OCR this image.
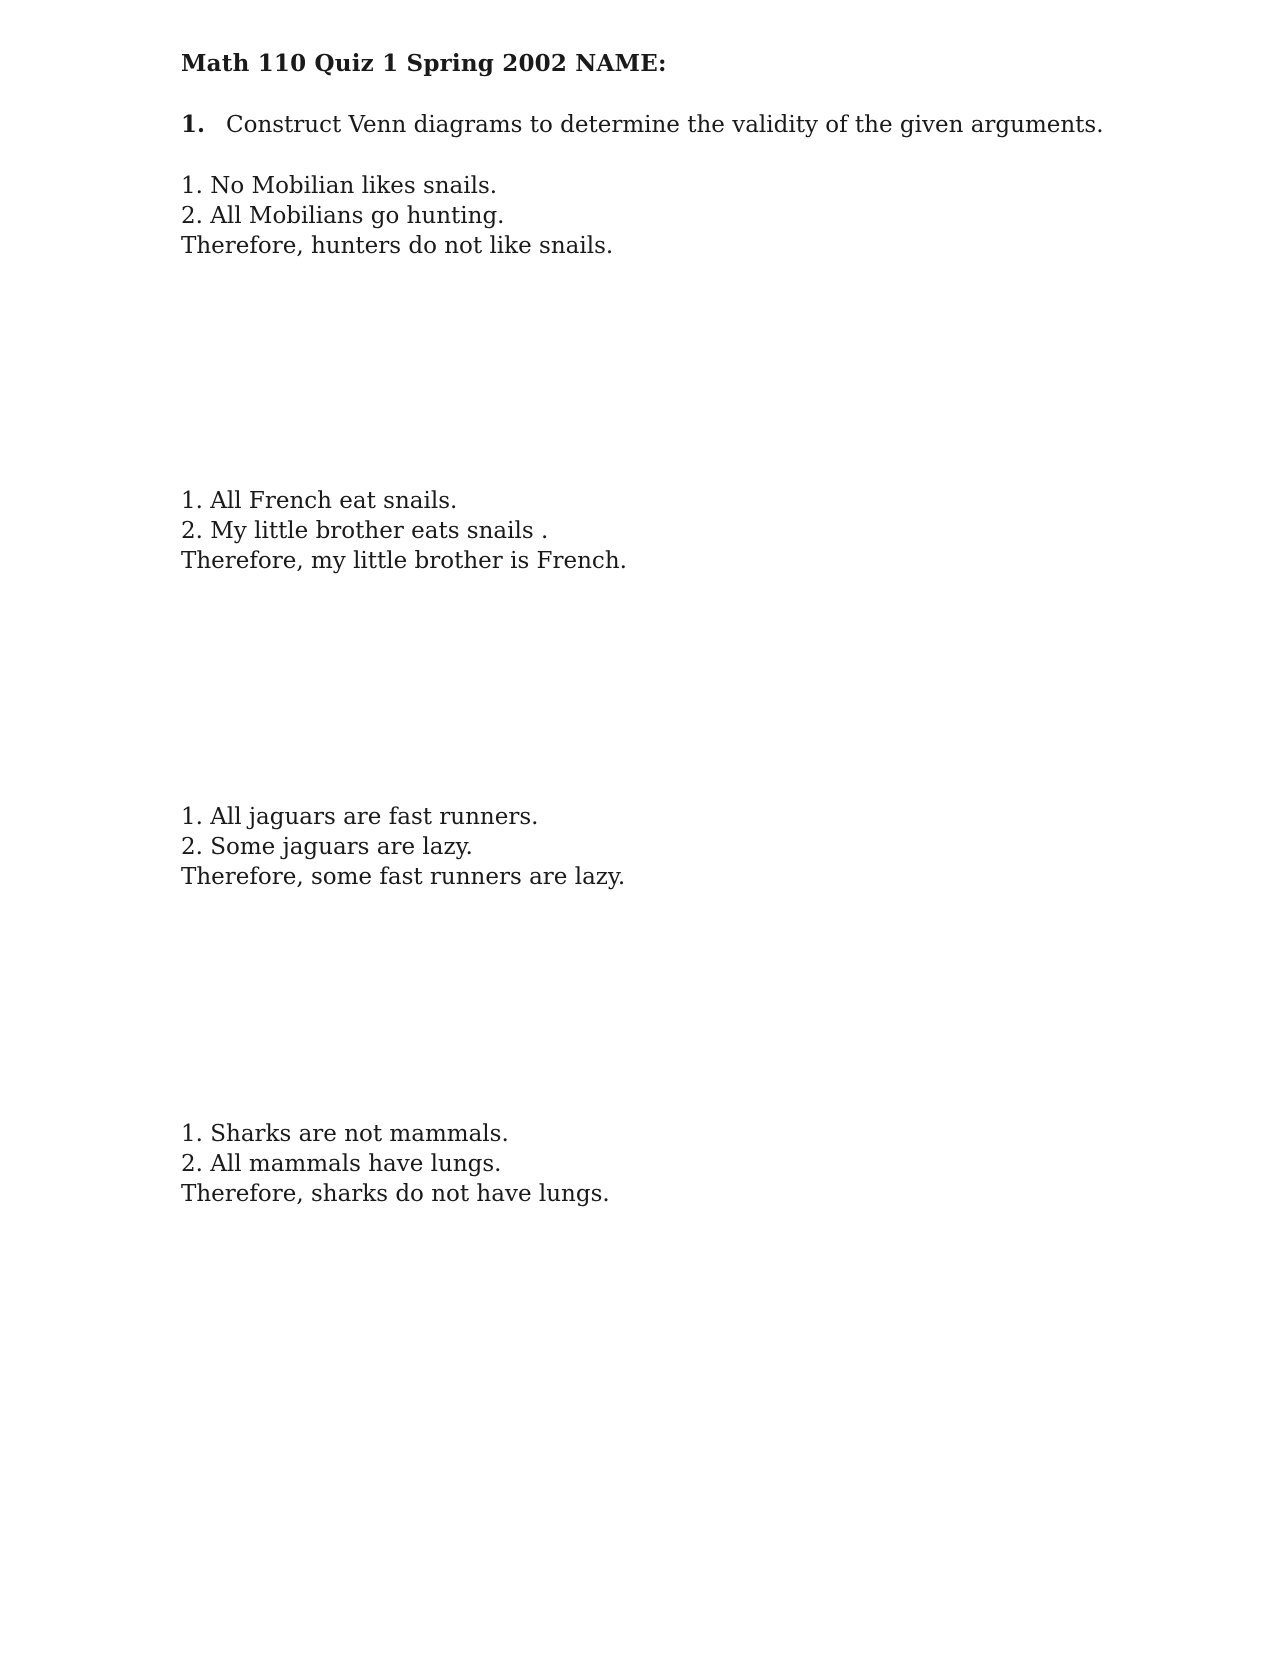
Math 110 Quiz 1 Spring 2002 NAME:
1. Construct Venn diagrams to determine the validity of the given arguments.
1. No Mobilian likes snails.
2. All Mobilians go hunting.
Therefore, hunters do not like snails.
1. All French eat snails.
2. My little brother eats snails .
Therefore, my little brother is French.
1. All jaguars are fast runners.
2. Some jaguars are lazy.
Therefore, some fast runners are lazy.
1. Sharks are not mammals.
2. All mammals have lungs.
Therefore, sharks do not have lungs.
